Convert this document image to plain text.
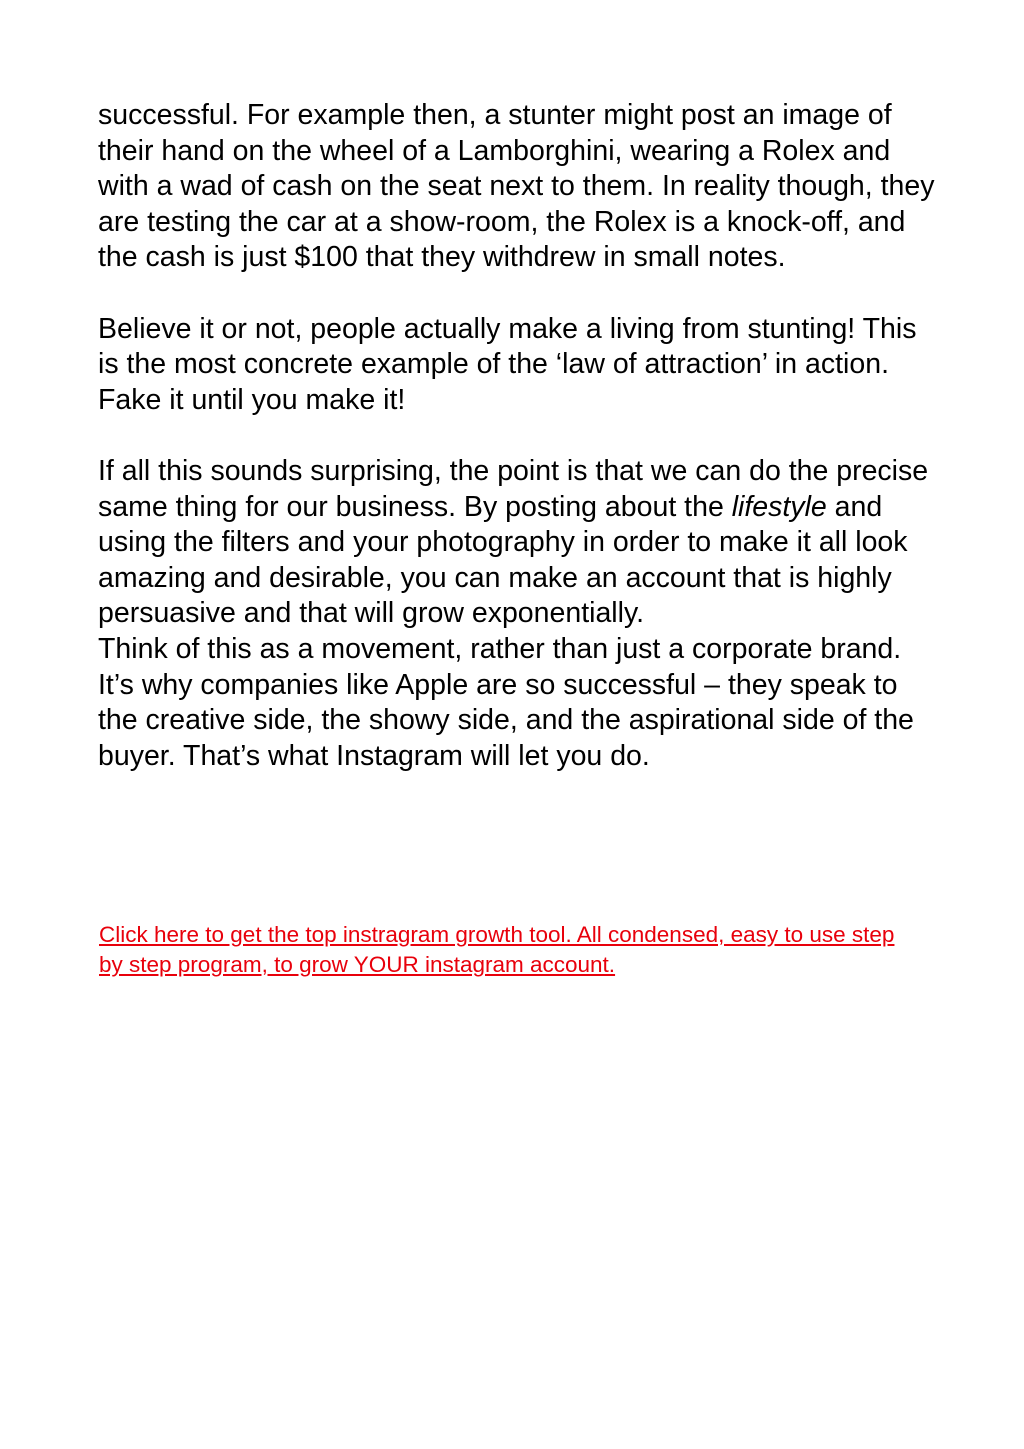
successful. For example then, a stunter might post an image of their hand on the wheel of a Lamborghini, wearing a Rolex and with a wad of cash on the seat next to them. In reality though, they are testing the car at a show-room, the Rolex is a knock-off, and the cash is just $100 that they withdrew in small notes.

Believe it or not, people actually make a living from stunting! This is the most concrete example of the ‘law of attraction’ in action. Fake it until you make it!

If all this sounds surprising, the point is that we can do the precise same thing for our business. By posting about the lifestyle and using the filters and your photography in order to make it all look amazing and desirable, you can make an account that is highly persuasive and that will grow exponentially.

Think of this as a movement, rather than just a corporate brand. It’s why companies like Apple are so successful – they speak to the creative side, the showy side, and the aspirational side of the buyer. That’s what Instagram will let you do.

Click here to get the top instragram growth tool. All condensed, easy to use step by step program, to grow YOUR instagram account.
